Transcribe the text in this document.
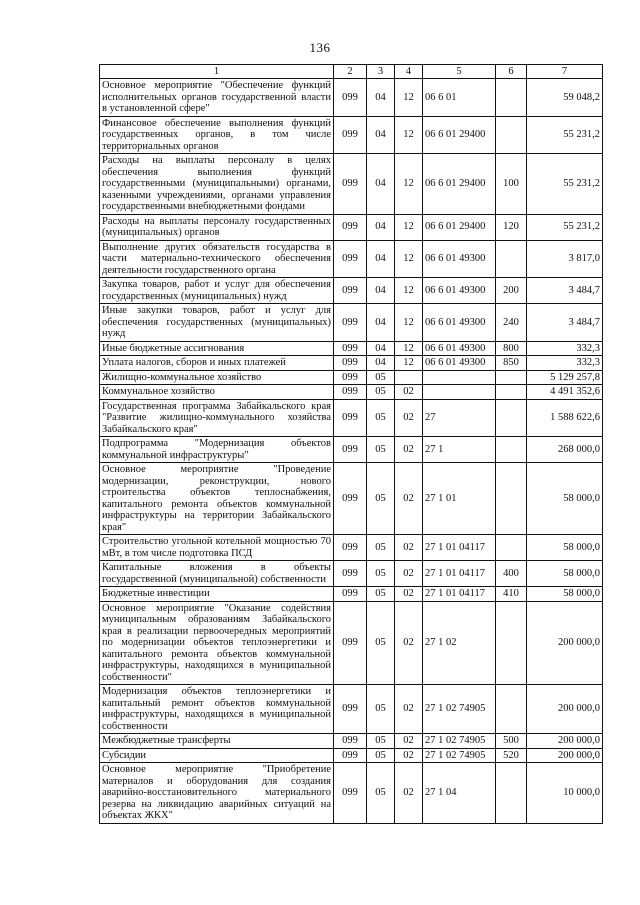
136
1	2	3	4	5	6	7
Основное мероприятие "Обеспечение функций исполнительных органов государственной власти в установленной сфере"	099	04	12	06 6 01		59 048,2
Финансовое обеспечение выполнения функций государственных органов, в том числе территориальных органов	099	04	12	06 6 01 29400		55 231,2
Расходы на выплаты персоналу в целях обеспечения выполнения функций государственными (муниципальными) органами, казенными учреждениями, органами управления государственными внебюджетными фондами	099	04	12	06 6 01 29400	100	55 231,2
Расходы на выплаты персоналу государственных (муниципальных) органов	099	04	12	06 6 01 29400	120	55 231,2
Выполнение других обязательств государства в части материально-технического обеспечения деятельности государственного органа	099	04	12	06 6 01 49300		3 817,0
Закупка товаров, работ и услуг для обеспечения государственных (муниципальных) нужд	099	04	12	06 6 01 49300	200	3 484,7
Иные закупки товаров, работ и услуг для обеспечения государственных (муниципальных) нужд	099	04	12	06 6 01 49300	240	3 484,7
Иные бюджетные ассигнования	099	04	12	06 6 01 49300	800	332,3
Уплата налогов, сборов и иных платежей	099	04	12	06 6 01 49300	850	332,3
Жилищно-коммунальное хозяйство	099	05				5 129 257,8
Коммунальное хозяйство	099	05	02			4 491 352,6
Государственная программа Забайкальского края "Развитие жилищно-коммунального хозяйства Забайкальского края"	099	05	02	27		1 588 622,6
Подпрограмма "Модернизация объектов коммунальной инфраструктуры"	099	05	02	27 1		268 000,0
Основное мероприятие "Проведение модернизации, реконструкции, нового строительства объектов теплоснабжения, капитального ремонта объектов коммунальной инфраструктуры на территории Забайкальского края"	099	05	02	27 1 01		58 000,0
Строительство угольной котельной мощностью 70 мВт, в том числе подготовка ПСД	099	05	02	27 1 01 04117		58 000,0
Капитальные вложения в объекты государственной (муниципальной) собственности	099	05	02	27 1 01 04117	400	58 000,0
Бюджетные инвестиции	099	05	02	27 1 01 04117	410	58 000,0
Основное мероприятие "Оказание содействия муниципальным образованиям Забайкальского края в реализации первоочередных мероприятий по модернизации объектов теплоэнергетики и капитального ремонта объектов коммунальной инфраструктуры, находящихся в муниципальной собственности"	099	05	02	27 1 02		200 000,0
Модернизация объектов теплоэнергетики и капитальный ремонт объектов коммунальной инфраструктуры, находящихся в муниципальной собственности	099	05	02	27 1 02 74905		200 000,0
Межбюджетные трансферты	099	05	02	27 1 02 74905	500	200 000,0
Субсидии	099	05	02	27 1 02 74905	520	200 000,0
Основное мероприятие "Приобретение материалов и оборудования для создания аварийно-восстановительного материального резерва на ликвидацию аварийных ситуаций на объектах ЖКХ"	099	05	02	27 1 04		10 000,0
